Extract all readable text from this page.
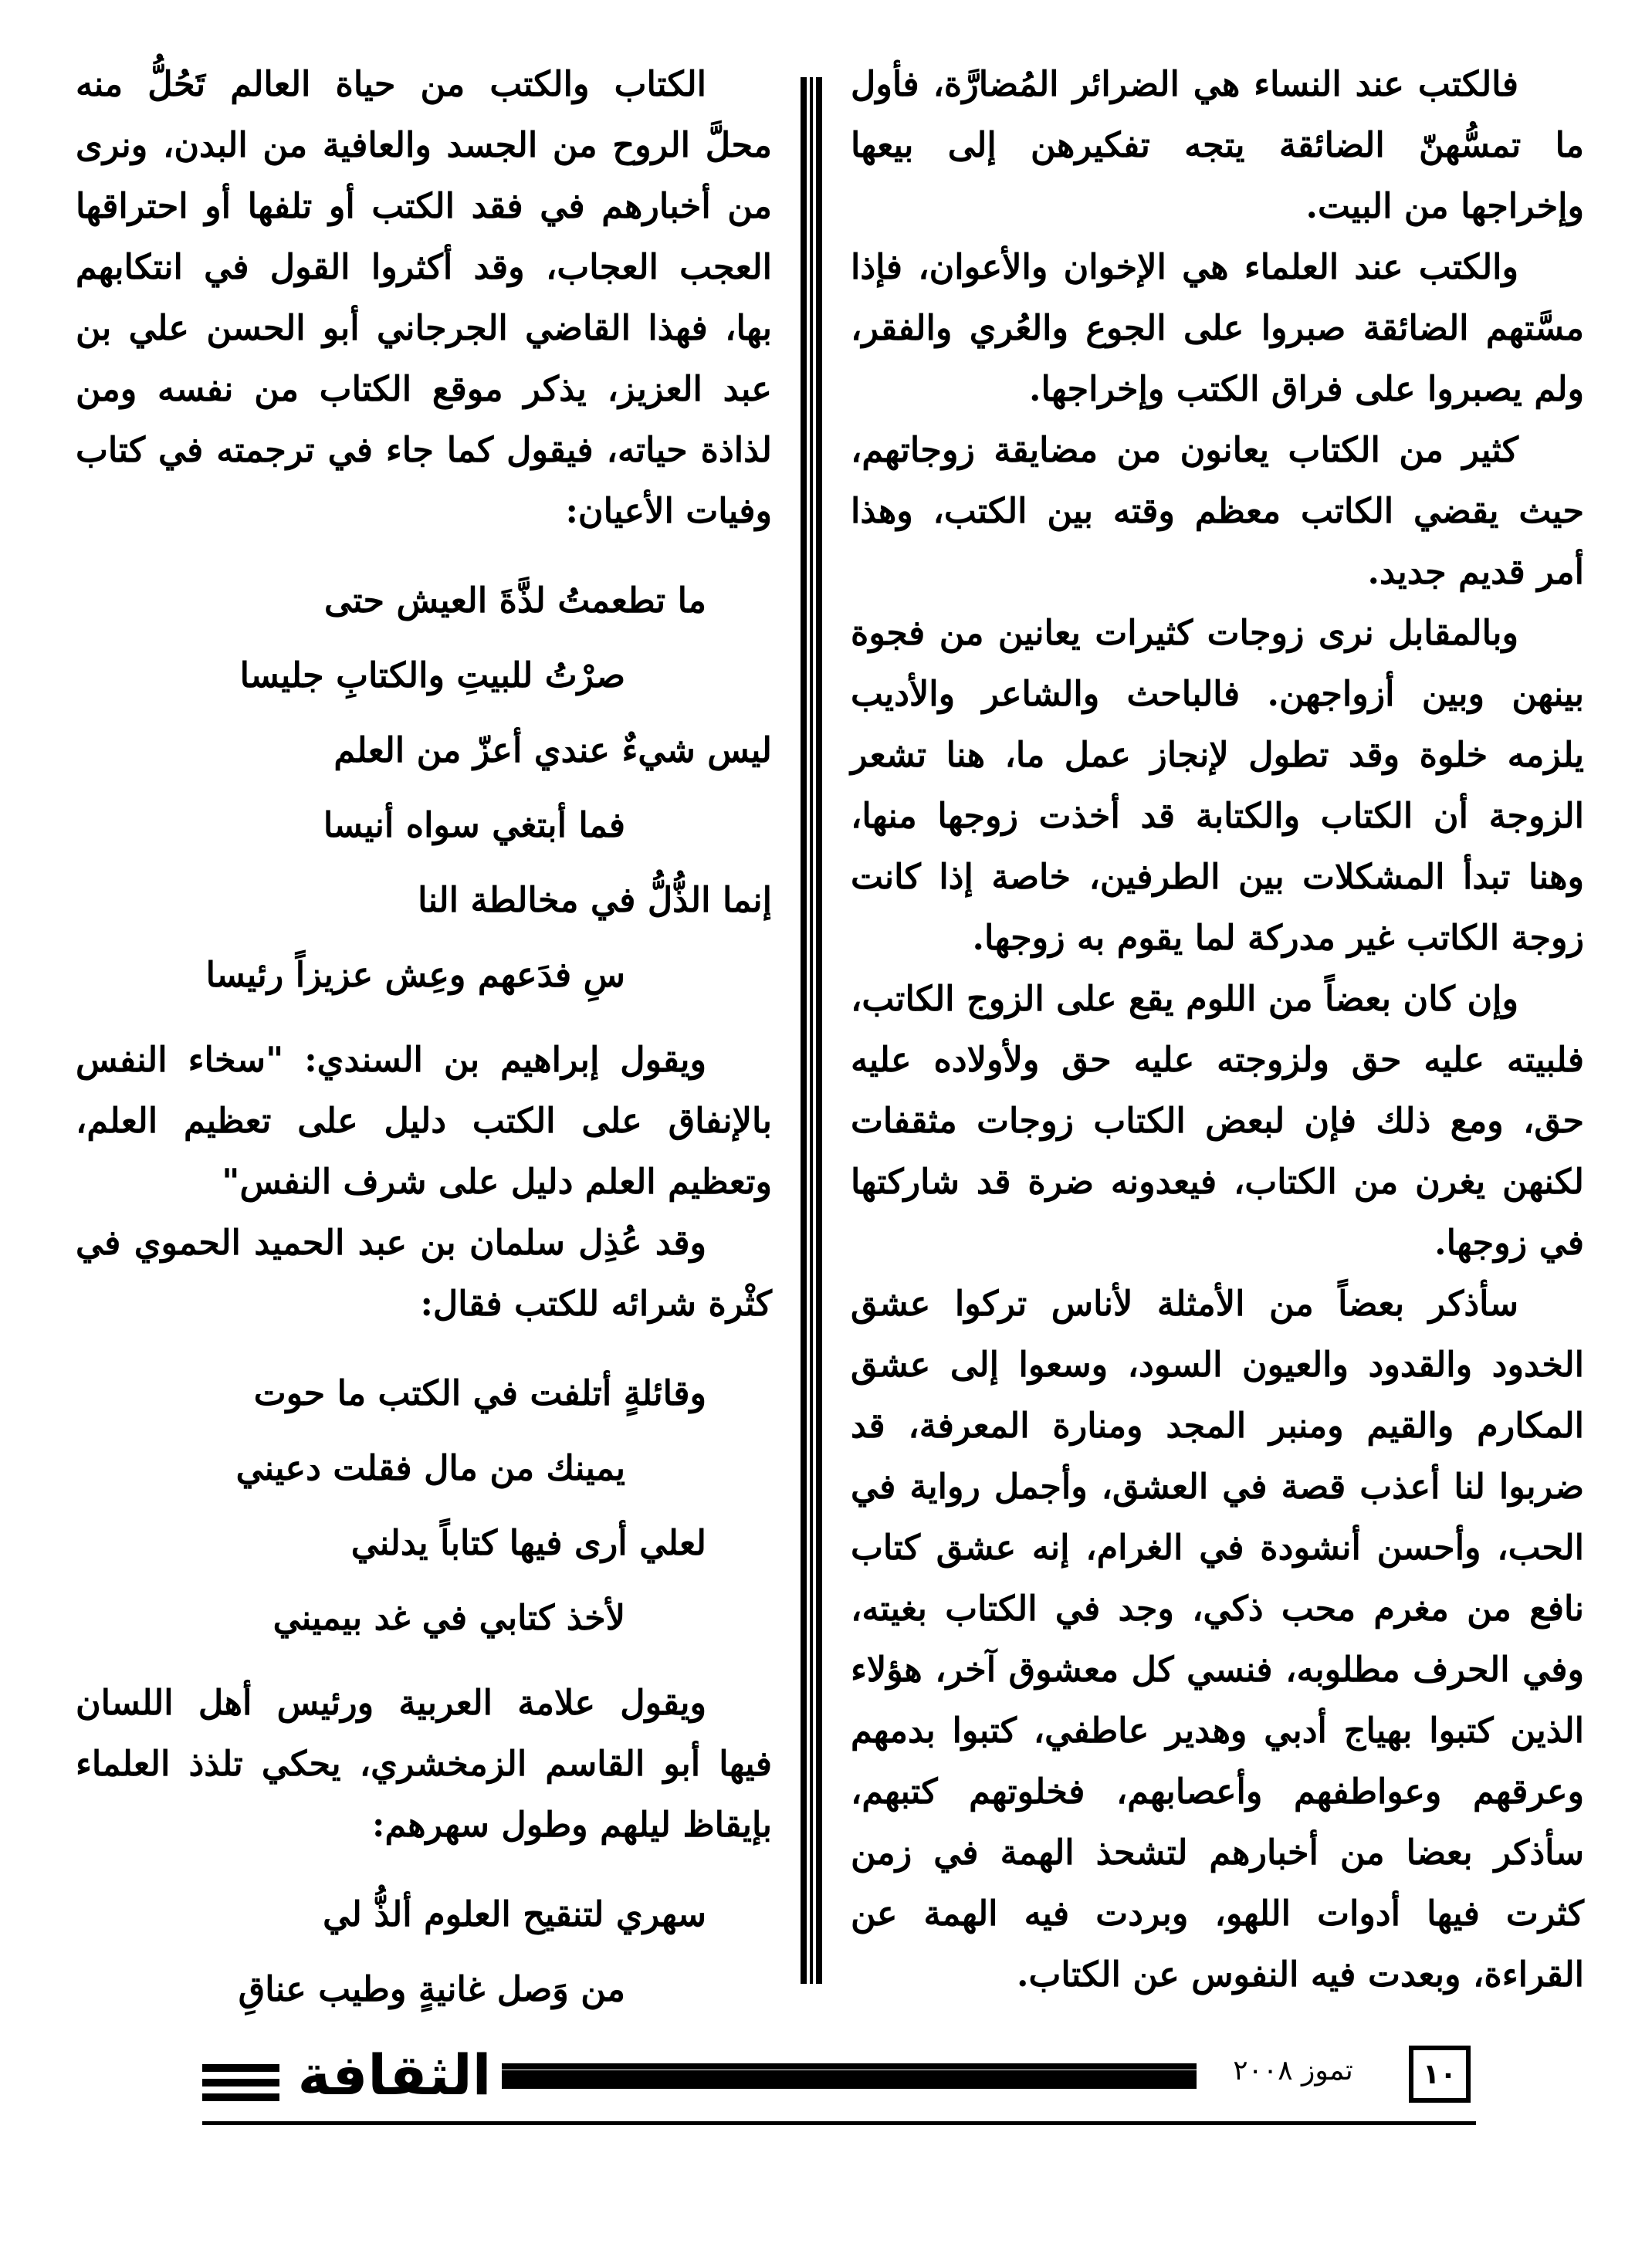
فالكتب عند النساء هي الضرائر المُضارَّة، فأول ما تمسُّهنّ الضائقة يتجه تفكيرهن إلى بيعها وإخراجها من البيت.

والكتب عند العلماء هي الإخوان والأعوان، فإذا مسَّتهم الضائقة صبروا على الجوع والعُري والفقر، ولم يصبروا على فراق الكتب وإخراجها.

كثير من الكتاب يعانون من مضايقة زوجاتهم، حيث يقضي الكاتب معظم وقته بين الكتب، وهذا أمر قديم جديد.

وبالمقابل نرى زوجات كثيرات يعانين من فجوة بينهن وبين أزواجهن. فالباحث والشاعر والأديب يلزمه خلوة وقد تطول لإنجاز عمل ما، هنا تشعر الزوجة أن الكتاب والكتابة قد أخذت زوجها منها، وهنا تبدأ المشكلات بين الطرفين، خاصة إذا كانت زوجة الكاتب غير مدركة لما يقوم به زوجها.

وإن كان بعضاً من اللوم يقع على الزوج الكاتب، فلبيته عليه حق ولزوجته عليه حق ولأولاده عليه حق، ومع ذلك فإن لبعض الكتاب زوجات مثقفات لكنهن يغرن من الكتاب، فيعدونه ضرة قد شاركتها في زوجها.

سأذكر بعضاً من الأمثلة لأناس تركوا عشق الخدود والقدود والعيون السود، وسعوا إلى عشق المكارم والقيم ومنبر المجد ومنارة المعرفة، قد ضربوا لنا أعذب قصة في العشق، وأجمل رواية في الحب، وأحسن أنشودة في الغرام، إنه عشق كتاب نافع من مغرم محب ذكي، وجد في الكتاب بغيته، وفي الحرف مطلوبه، فنسي كل معشوق آخر، هؤلاء الذين كتبوا بهياج أدبي وهدير عاطفي، كتبوا بدمهم وعرقهم وعواطفهم وأعصابهم، فخلوتهم كتبهم، سأذكر بعضا من أخبارهم لتشحذ الهمة في زمن كثرت فيها أدوات اللهو، وبردت فيه الهمة عن القراءة، وبعدت فيه النفوس عن الكتاب.

الكتاب والكتب من حياة العالم تَحُلُّ منه محلَّ الروح من الجسد والعافية من البدن، ونرى من أخبارهم في فقد الكتب أو تلفها أو احتراقها العجب العجاب، وقد أكثروا القول في انتكابهم بها، فهذا القاضي الجرجاني أبو الحسن علي بن عبد العزيز، يذكر موقع الكتاب من نفسه ومن لذاذة حياته، فيقول كما جاء في ترجمته في كتاب وفيات الأعيان:

ما تطعمتُ لذَّةَ العيش حتى
صرْتُ للبيتِ والكتابِ جليسا
ليس شيءٌ عندي أعزّ من العلم
فما أبتغي سواه أنيسا
إنما الذُّلُّ في مخالطة النا
سِ فدَعهم وعِش عزيزاً رئيسا

ويقول إبراهيم بن السندي: "سخاء النفس بالإنفاق على الكتب دليل على تعظيم العلم، وتعظيم العلم دليل على شرف النفس"

وقد عُذِل سلمان بن عبد الحميد الحموي في كثْرة شرائه للكتب فقال:

وقائلةٍ أتلفت في الكتب ما حوت
يمينك من مال فقلت دعيني
لعلي أرى فيها كتاباً يدلني
لأخذ كتابي في غد بيميني

ويقول علامة العربية ورئيس أهل اللسان فيها أبو القاسم الزمخشري، يحكي تلذذ العلماء بإيقاظ ليلهم وطول سهرهم:

سهري لتنقيح العلوم ألذُّ لي
من وَصل غانيةٍ وطيب عناقِ
١٠
تموز ٢٠٠٨
الثقافة
